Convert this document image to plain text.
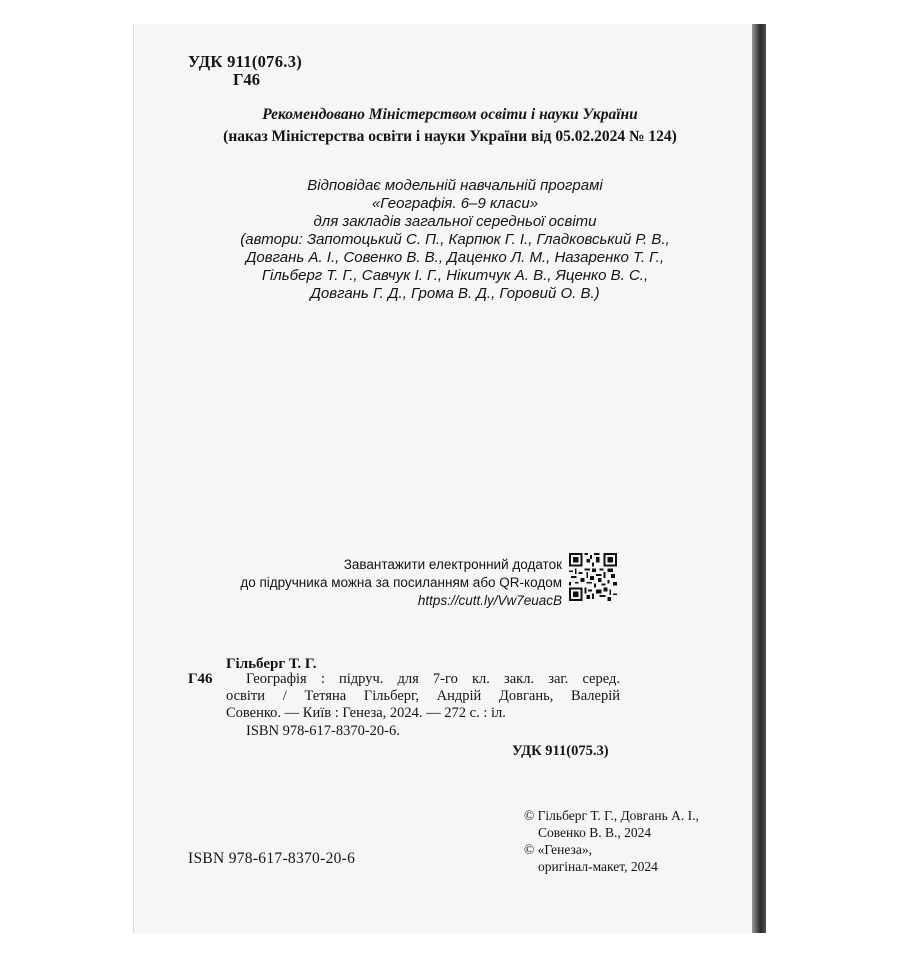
УДК 911(076.3)
Г46
Рекомендовано Міністерством освіти і науки України
(наказ Міністерства освіти і науки України від 05.02.2024 № 124)
Відповідає модельній навчальній програмі
«Географія. 6–9 класи»
для закладів загальної середньої освіти
(автори: Запотоцький С. П., Карпюк Г. І., Гладковський Р. В.,
Довгань А. І., Совенко В. В., Даценко Л. М., Назаренко Т. Г.,
Гільберг Т. Г., Савчук І. Г., Нікитчук А. В., Яценко В. С.,
Довгань Г. Д., Грома В. Д., Горовий О. В.)
Завантажити електронний додаток
до підручника можна за посиланням або QR-кодом
https://cutt.ly/Vw7euacB
Гільберг Т. Г.
Г46 Географія : підруч. для 7-го кл. закл. заг. серед.
освіти / Тетяна Гільберг, Андрій Довгань, Валерій
Совенко. — Київ : Генеза, 2024. — 272 с. : іл.
ISBN 978-617-8370-20-6.
УДК 911(075.3)
© Гільберг Т. Г., Довгань А. І.,
Совенко В. В., 2024
© «Генеза»,
оригінал-макет, 2024
ISBN 978-617-8370-20-6
